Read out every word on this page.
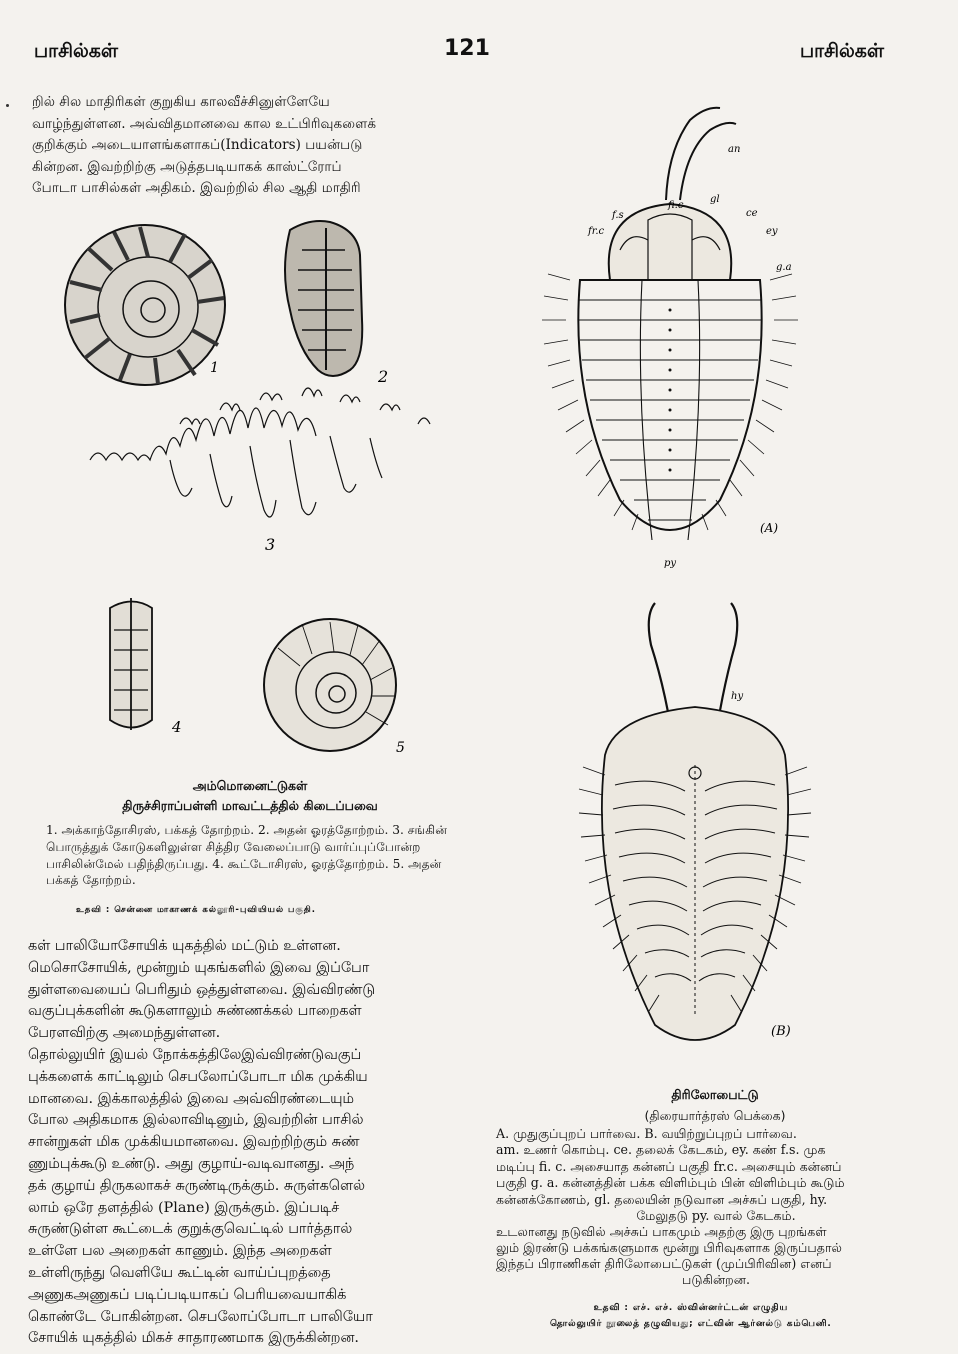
பாசில்கள்	121	பாசில்கள்
றில் சில மாதிரிகள் குறுகிய காலவீச்சினுள்ளேயே
வாழ்ந்துள்ளன. அவ்விதமானவை கால உட்பிரிவுகளைக்
குறிக்கும் அடையாளங்களாகப்(Indicators) பயன்படு
கின்றன. இவற்றிற்கு அடுத்தபடியாகக் காஸ்ட்ரோப்
போடா பாசில்கள் அதிகம். இவற்றில் சில ஆதி மாதிரி
1	2
3
4
5
அம்மொனைட்டுகள்
திருச்சிராப்பள்ளி மாவட்டத்தில் கிடைப்பவை
1. அக்காந்தோசிரஸ், பக்கத் தோற்றம். 2. அதன் ஓரத்தோற்றம். 3. சங்கின் பொருத்துக் கோடுகளிலுள்ள சித்திர வேலைப்பாடு வார்ப்புப்போன்ற பாசிலின்மேல் பதிந்திருப்பது. 4. கூட்டோசிரஸ், ஓரத்தோற்றம். 5. அதன் பக்கத் தோற்றம்.
உதவி : சென்னை மாகாணக் கல்லூரி-புவியியல் பகுதி.
கள் பாலியோசோயிக் யுகத்தில் மட்டும் உள்ளன.
மெசொசோயிக், மூன்றும் யுகங்களில் இவை இப்போ
துள்ளவையைப் பெரிதும் ஒத்துள்ளவை. இவ்விரண்டு
வகுப்புக்களின் கூடுகளாலும் சுண்ணக்கல் பாறைகள்
பேரளவிற்கு அமைந்துள்ளன.
தொல்லுயிர் இயல் நோக்கத்திலேஇவ்விரண்டுவகுப்
புக்களைக் காட்டிலும் செபலோப்போடா மிக முக்கிய
மானவை. இக்காலத்தில் இவை அவ்விரண்டையும்
போல அதிகமாக இல்லாவிடினும், இவற்றின் பாசில்
சான்றுகள் மிக முக்கியமானவை. இவற்றிற்கும் சுண்
ணும்புக்கூடு உண்டு. அது குழாய்-வடிவானது. அந்
தக் குழாய் திருகலாகச் சுருண்டிருக்கும். சுருள்களெல்
லாம் ஒரே தளத்தில் (Plane) இருக்கும். இப்படிச்
சுருண்டுள்ள கூட்டைக் குறுக்குவெட்டில் பார்த்தால்
உள்ளே பல அறைகள் காணும். இந்த அறைகள்
உள்ளிருந்து வெளியே கூட்டின் வாய்ப்புறத்தை
அணுகஅணுகப் படிப்படியாகப் பெரியவையாகிக்
கொண்டே போகின்றன. செபலோப்போடா பாலியோ
சோயிக் யுகத்தில் மிகச் சாதாரணமாக இருக்கின்றன.
an
fi.c
gl
f.s	ce
ey
fr.c
g.a
(A)
py
hy
(B)
திரிலோபைட்டு
(திரையார்த்ரஸ் பெக்கை)
A. முதுகுப்புறப் பார்வை. B. வயிற்றுப்புறப் பார்வை.
am. உணர் கொம்பு. ce. தலைக் கேடகம், ey. கண் f.s. முக
மடிப்பு fi. c. அசையாத கன்னப் பகுதி fr.c. அசையும் கன்னப்
பகுதி g. a. கன்னத்தின் பக்க விளிம்பும் பின் விளிம்பும் கூடும்
கன்னக்கோணம், gl. தலையின் நடுவான அச்சுப் பகுதி, hy.
மேலுதடு py. வால் கேடகம்.
உடலானது நடுவில் அச்சுப் பாகமும் அதற்கு இரு புறங்கள்
லும் இரண்டு பக்கங்களுமாக மூன்று பிரிவுகளாக இருப்பதால்
இந்தப் பிராணிகள் திரிலோபைட்டுகள் (முப்பிரிவின) எனப்
படுகின்றன.
உதவி : எச். எச். ஸ்வின்னர்ட்டன் எழுதிய
தொல்லுயிர் நூலைத் தழுவியது; எட்வின் ஆர்னல்டு கம்பெனி.
